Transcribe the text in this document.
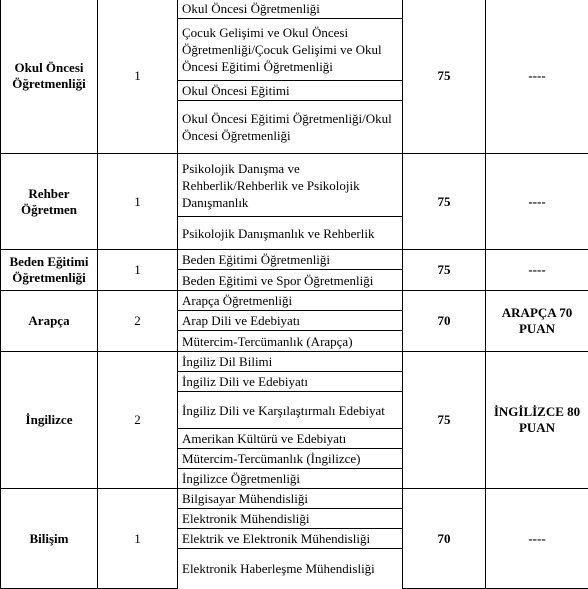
Okul Öncesi Öğretmenliği	1	Okul Öncesi Öğretmenliği	75	----
		Çocuk Gelişimi ve Okul Öncesi Öğretmenliği/Çocuk Gelişimi ve Okul Öncesi Eğitimi Öğretmenliği		
		Okul Öncesi Eğitimi		
		Okul Öncesi Eğitimi Öğretmenliği/Okul Öncesi Öğretmenliği		
Rehber Öğretmen	1	Psikolojik Danışma ve Rehberlik/Rehberlik ve Psikolojik Danışmanlık	75	----
		Psikolojik Danışmanlık ve Rehberlik		
Beden Eğitimi Öğretmenliği	1	Beden Eğitimi Öğretmenliği	75	----
		Beden Eğitimi ve Spor Öğretmenliği		
Arapça	2	Arapça Öğretmenliği	70	ARAPÇA 70 PUAN
		Arap Dili ve Edebiyatı		
		Mütercim-Tercümanlık (Arapça)		
İngilizce	2	İngiliz Dil Bilimi	75	İNGİLİZCE 80 PUAN
		İngiliz Dili ve Edebiyatı		
		İngiliz Dili ve Karşılaştırmalı Edebiyat		
		Amerikan Kültürü ve Edebiyatı		
		Mütercim-Tercümanlık (İngilizce)		
		İngilizce Öğretmenliği		
Bilişim	1	Bilgisayar Mühendisliği	70	----
		Elektronik Mühendisliği		
		Elektrik ve Elektronik Mühendisliği		
		Elektronik Haberleşme Mühendisliği		
